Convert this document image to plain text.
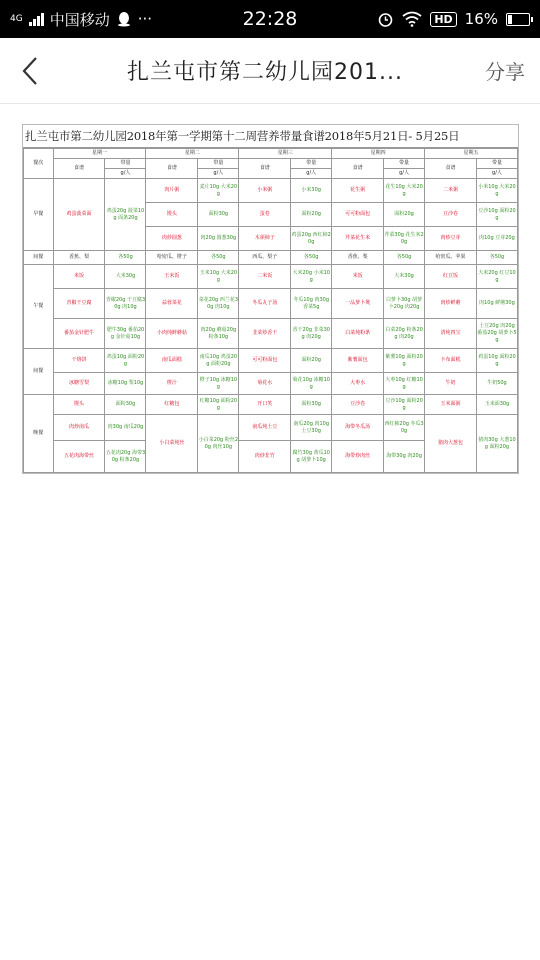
4G 中国移动 ···	22:28	HD 16%
扎兰屯市第二幼儿园201...	分享
扎兰屯市第二幼儿园2018年第一学期第十二周营养带量食谱2018年5月21日- 5月25日
餐次	星期一		星期二		星期三		星期四		星期五	
	食谱	带量	食谱	带量	食谱	带量	食谱	带量	食谱	带量
		g/人		g/人		g/人		g/人		g/人
早餐	鸡蛋菠菜面	鸡蛋20g 菠菜10g 面条20g	肉片粥	麦片10g 大米20g	小米粥	小米30g	花生粥	花生10g 大米20g	二米粥	小米10g 大米20g
			馒头	面粉30g	蛋卷	面粉20g	可可粉面包	面粉20g	豆沙卷	豆沙10g 面粉20g
			肉炒圆葱	肉20g 圆葱30g	木须柿子	鸡蛋20g 西红柿20g	芹菜花生米	芹菜30g 花生米20g	肉炒豆芽	肉10g 豆芽20g
间餐	香蕉、梨	各50g	哈密瓜、橙子	各50g	西瓜、梨子	各50g	香蕉、梨	各50g	哈密瓜、苹果	各50g
午餐	米饭	大米30g	玉米饭	玉米10g 大米20g	二米饭	大米20g 小米10g	米饭	大米30g	红豆饭	大米20g 红豆10g
	青椒干豆腐	青椒20g 干豆腐30g 肉10g	蒜蓉菜花	菜花20g 西兰花30g 肉10g	冬瓜丸子汤	冬瓜10g 肉30g 香菜5g	一品萝卜煲	白萝卜30g 胡萝卜20g 肉20g	肉炒鲜蘑	肉10g 鲜蘑30g
	番茄金针肥牛	肥牛30g 番茄20g 金针菇10g	小肉炖鲜蘑菇	肉20g 蘑菇20g 粉条10g	韭菜炒香干	香干20g 韭菜30g 肉20g	白菜炖粉条	白菜20g 粉条20g 肉20g	清炖四宝	土豆20g 肉20g 番茄20g 胡萝卜5g
间餐	干烙饼	鸡蛋10g 面粉20g	南瓜面糕	南瓜10g 鸡蛋20g 面粉20g	可可粉面包	面粉20g	紫薯面包	紫薯10g 面粉20g	卡布面糕	鸡蛋10g 面粉20g
	冰糖雪梨	冰糖10g 梨10g	橙汁	橙子10g 冰糖10g	菊花水	菊花10g 冰糖10g	大枣水	大枣10g 红糖10g	牛奶	牛奶50g
晚餐	馒头	面粉30g	红糖包	红糖10g 面粉20g	开口笑	面粉30g	豆沙卷	豆沙10g 面粉20g	玉米面粥	玉米面30g
	肉炒南瓜	肉30g 南瓜20g	小白菜炖丝	小白菜20g 粉丝20g 肉丝10g	南瓜炖土豆	南瓜20g 肉10g 土豆30g	海带冬瓜汤	西红柿20g 冬瓜30g	猪肉大葱包	猪肉30g 大葱10g 面粉20g
	五花肉海带丝	五花肉20g 海带30g 粉条20g			肉炒韭竹	腐竹30g 黄瓜10g 胡萝卜10g	海带炒肉丝	海带30g 肉20g		
